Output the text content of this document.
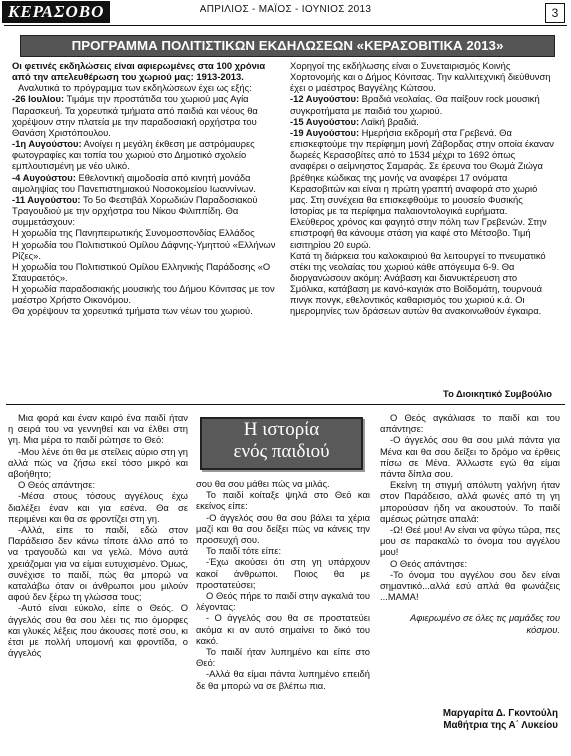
ΚΕΡΑΣΟΒΟ	ΑΠΡΙΛΙΟΣ - ΜΑΪΟΣ - ΙΟΥΝΙΟΣ 2013	3
ΠΡΟΓΡΑΜΜΑ ΠΟΛΙΤΙΣΤΙΚΩΝ ΕΚΔΗΛΩΣΕΩΝ «ΚΕΡΑΣΟΒΙΤΙΚΑ 2013»

Οι φετινές εκδηλώσεις είναι αφιερωμένες στα 100 χρόνια από την απελευθέρωση του χωριού μας: 1913-2013.

Αναλυτικά το πρόγραμμα των εκδηλώσεων έχει ως εξής:

-26 Ιουλίου: Τιμάμε την προστάτιδα του χωριού μας Αγία Παρασκευή. Τα χορευτικά τμήματα από παιδιά και νέους θα χορέψουν στην πλατεία με την παραδοσιακή ορχήστρα του Θανάση Χριστόπουλου.

-1η Αυγούστου: Ανοίγει η μεγάλη έκθεση με αστρόμαυρες φωτογραφίες και τοπία του χωριού στο Δημοτικό σχολείο εμπλουτισμένη με νέο υλικό.

-4 Αυγούστου: Εθελοντική αιμοδοσία από κινητή μονάδα αιμοληψίας του Πανεπιστημιακού Νοσοκομείου Ιωαννίνων.

-11 Αυγούστου: Το 5ο Φεστιβάλ Χορωδιών Παραδοσιακού Τραγουδιού με την ορχήστρα του Νίκου Φιλιππίδη. Θα συμμετάσχουν:

Η χορωδία της Πανηπειρωτικής Συνομοσπονδίας Ελλάδος

Η χορωδία του Πολιτιστικού Ομίλου Δάφνης-Υμηττού «Ελλήνων Ρίζες».

Η χορωδία του Πολιτιστικού Ομίλου Ελληνικής Παράδοσης «Ο Σταυραετός».

Η χορωδία παραδοσιακής μουσικής του Δήμου Κόνιτσας με τον μαέστρο Χρήστο Οικονόμου.

Θα χορέψουν τα χορευτικά τμήματα των νέων του χωριού.

Χορηγοί της εκδήλωσης είναι ο Συνεταιρισμός Κοινής Χορτονομής και ο Δήμος Κόνιτσας. Την καλλιτεχνική διεύθυνση έχει ο μαέστρος Βαγγέλης Κώτσου.

-12 Αυγούστου: Βραδιά νεολαίας. Θα παίξουν rock μουσική συγκροτήματα με παιδιά του χωριού.

-15 Αυγούστου: Λαϊκή βραδιά.

-19 Αυγούστου: Ημερήσια εκδρομή στα Γρεβενά. Θα επισκεφτούμε την περίφημη μονή Ζάβορδας στην οποία έκαναν δωρεές Κερασοβίτες από το 1534 μέχρι το 1692 όπως αναφέρει ο αείμνηστος Σαμαράς. Σε έρευνα του Θωμά Ζιώγα βρέθηκε κώδικας της μονής να αναφέρει 17 ονόματα Κερασοβιτών και είναι η πρώτη γραπτή αναφορά στο χωριό μας. Στη συνέχεια θα επισκεφθούμε το μουσείο Φυσικής Ιστορίας με τα περίφημα παλαιοντολογικά ευρήματα. Ελεύθερος χρόνος και φαγητό στην πόλη των Γρεβενών. Στην επιστροφή θα κάνουμε στάση για καφέ στο Μέτσοβο. Τιμή εισιτηρίου 20 ευρώ.

Κατά τη διάρκεια του καλοκαιριού θα λειτουργεί το πνευματικό στέκι της νεολαίας του χωριού κάθε απόγευμα 6-9. Θα διοργανώσουν ακόμη: Ανάβαση και διανυκτέρευση στο Σμόλικα, κατάβαση με κανό-καγιάκ στο Βοϊδομάτη, τουρνουά πινγκ πονγκ, εθελοντικός καθαρισμός του χωριού κ.ά. Οι ημερομηνίες των δράσεων αυτών θα ανακοινωθούν έγκαιρα.

Το Διοικητικό Συμβούλιο

Μια φορά και έναν καιρό ένα παιδί ήταν η σειρά του να γεννηθεί και να έλθει στη γη. Μια μέρα το παιδί ρώτησε το Θεό:

-Μου λένε ότι θα με στείλεις αύριο στη γη αλλά πώς να ζήσω εκεί τόσο μικρό και αβοήθητο;

Ο Θεός απάντησε:

-Μέσα στους τόσους αγγέλους έχω διαλέξει έναν και για εσένα. Θα σε περιμένει και θα σε φροντίζει στη γη.

-Αλλά, είπε το παιδί, εδώ στον Παράδεισο δεν κάνω τίποτε άλλο από το να τραγουδώ και να γελώ. Μόνο αυτά χρειάζομαι για να είμαι ευτυχισμένο. Όμως, συνέχισε το παιδί, πώς θα μπορώ να καταλάβω όταν οι άνθρωποι μου μιλούν αφού δεν ξέρω τη γλώσσα τους;

-Αυτό είναι εύκολο, είπε ο Θεός. Ο άγγελός σου θα σου λέει τις πιο όμορφες και γλυκές λέξεις που άκουσες ποτέ σου, κι έτσι με πολλή υπομονή και φροντίδα, ο άγγελός

Η ιστορία
ενός παιδιού

σου θα σου μάθει πώς να μιλάς.

Το παιδί κοίταξε ψηλά στο Θεό και εκείνος είπε:

-Ο άγγελός σου θα σου βάλει τα χέρια μαζί και θα σου δείξει πώς να κάνεις την προσευχή σου.

Το παιδί τότε είπε:

-Έχω ακούσει ότι στη γη υπάρχουν κακοί άνθρωποι. Ποιος θα με προστατεύσει;

Ο Θεός πήρε το παιδί στην αγκαλιά του λέγοντας:

- Ο άγγελός σου θα σε προστατεύει ακόμα κι αν αυτό σημαίνει το δικό του κακό.

Το παιδί ήταν λυπημένο και είπε στο Θεό:

-Αλλά θα είμαι πάντα λυπημένο επειδή δε θα μπορώ να σε βλέπω πια.

Ο Θεός αγκάλιασε το παιδί και του απάντησε:

-Ο άγγελός σου θα σου μιλά πάντα για Μένα και θα σου δείξει το δρόμο να έρθεις πίσω σε Μένα. Άλλωστε εγώ θα είμαι πάντα δίπλα σου.

Εκείνη τη στιγμή απόλυτη γαλήνη ήταν στον Παράδεισο, αλλά φωνές από τη γη μπορούσαν ήδη να ακουστούν. Το παιδί αμέσως ρώτησε απαλά:

-Ω! Θεέ μου! Αν είναι να φύγω τώρα, πες μου σε παρακαλώ το όνομα του αγγέλου μου!

Ο Θεός απάντησε:

-Το όνομα του αγγέλου σου δεν είναι σημαντικό...αλλά εσύ απλά θα φωνάζεις ...ΜΑΜΑ!

Αφιερωμένο σε όλες τις μαμάδες του κόσμου.

Μαργαρίτα Δ. Γκοντούλη
Μαθήτρια της Α΄ Λυκείου
